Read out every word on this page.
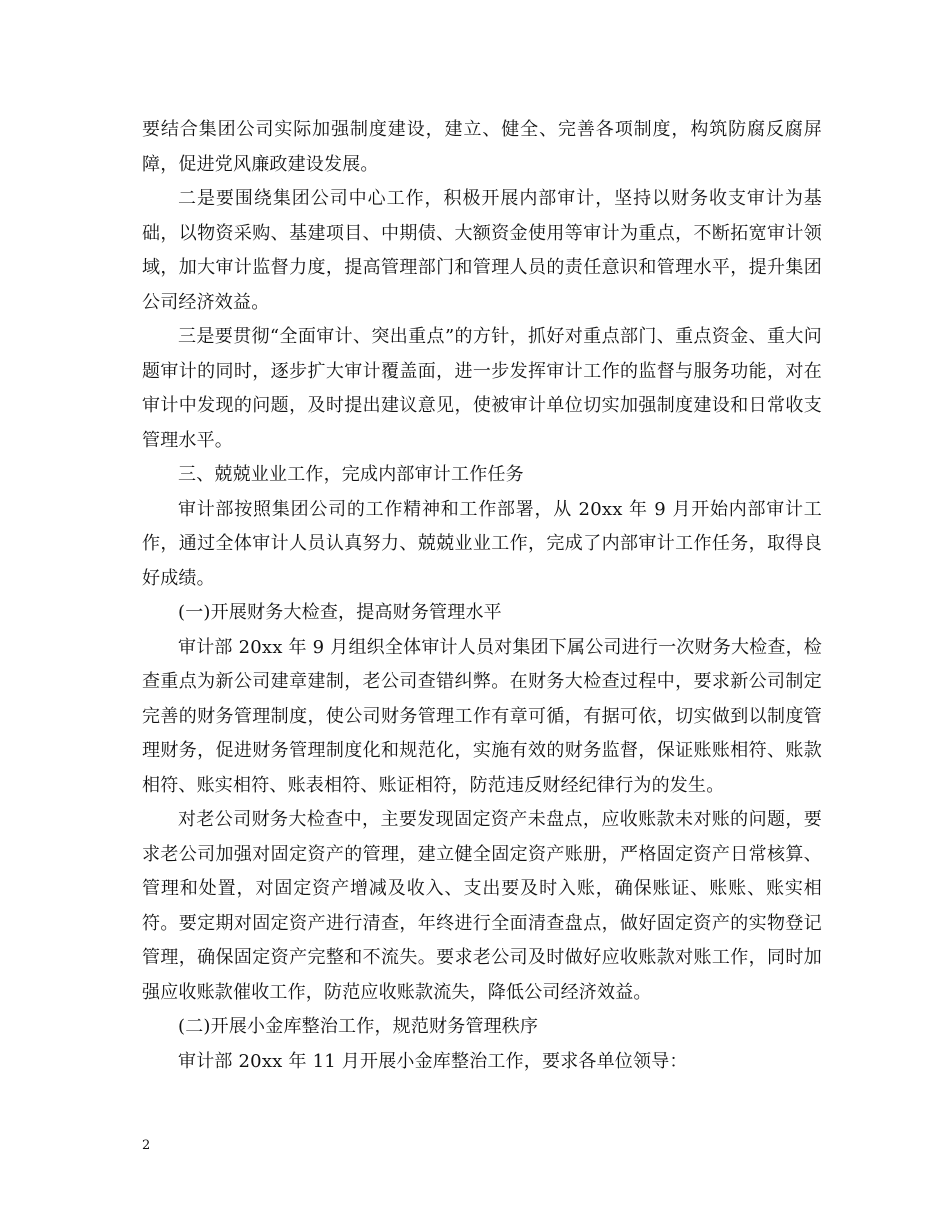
要结合集团公司实际加强制度建设，建立、健全、完善各项制度，构筑防腐反腐屏障，促进党风廉政建设发展。

二是要围绕集团公司中心工作，积极开展内部审计，坚持以财务收支审计为基础，以物资采购、基建项目、中期债、大额资金使用等审计为重点，不断拓宽审计领域，加大审计监督力度，提高管理部门和管理人员的责任意识和管理水平，提升集团公司经济效益。

三是要贯彻“全面审计、突出重点”的方针，抓好对重点部门、重点资金、重大问题审计的同时，逐步扩大审计覆盖面，进一步发挥审计工作的监督与服务功能，对在审计中发现的问题，及时提出建议意见，使被审计单位切实加强制度建设和日常收支管理水平。

三、兢兢业业工作，完成内部审计工作任务

审计部按照集团公司的工作精神和工作部署，从 20xx 年 9 月开始内部审计工作，通过全体审计人员认真努力、兢兢业业工作，完成了内部审计工作任务，取得良好成绩。

(一)开展财务大检查，提高财务管理水平

审计部 20xx 年 9 月组织全体审计人员对集团下属公司进行一次财务大检查，检查重点为新公司建章建制，老公司查错纠弊。在财务大检查过程中，要求新公司制定完善的财务管理制度，使公司财务管理工作有章可循，有据可依，切实做到以制度管理财务，促进财务管理制度化和规范化，实施有效的财务监督，保证账账相符、账款相符、账实相符、账表相符、账证相符，防范违反财经纪律行为的发生。

对老公司财务大检查中，主要发现固定资产未盘点，应收账款未对账的问题，要求老公司加强对固定资产的管理，建立健全固定资产账册，严格固定资产日常核算、管理和处置，对固定资产增减及收入、支出要及时入账，确保账证、账账、账实相符。要定期对固定资产进行清查，年终进行全面清查盘点，做好固定资产的实物登记管理，确保固定资产完整和不流失。要求老公司及时做好应收账款对账工作，同时加强应收账款催收工作，防范应收账款流失，降低公司经济效益。

(二)开展小金库整治工作，规范财务管理秩序

审计部 20xx 年 11 月开展小金库整治工作，要求各单位领导：

2
